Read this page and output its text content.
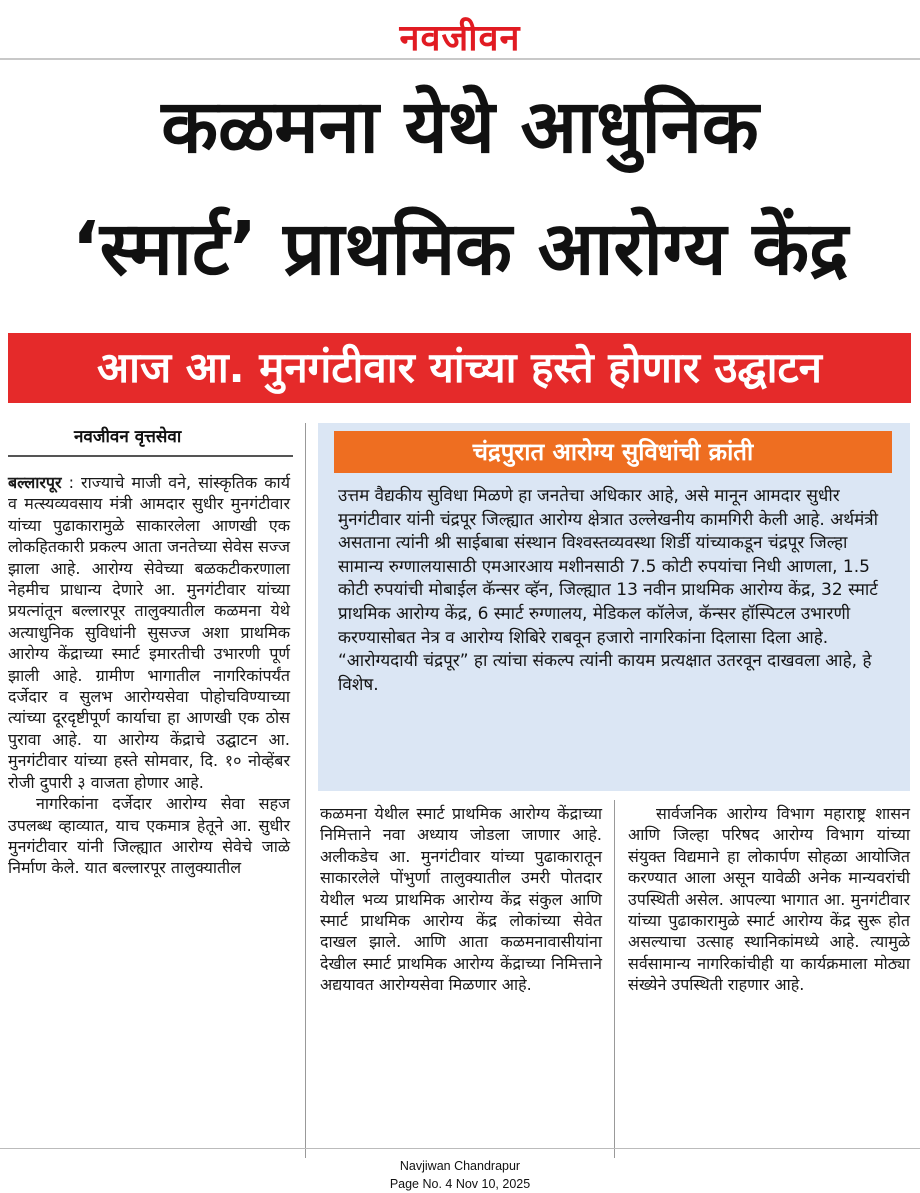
नवजीवन
कळमना येथे आधुनिक
‘स्मार्ट’ प्राथमिक आरोग्य केंद्र
आज आ. मुनगंटीवार यांच्या हस्ते होणार उद्घाटन
नवजीवन वृत्तसेवा

बल्लारपूर : राज्याचे माजी वने, सांस्कृतिक कार्य व मत्स्यव्यवसाय मंत्री आमदार सुधीर मुनगंटीवार यांच्या पुढाकारामुळे साकारलेला आणखी एक लोकहितकारी प्रकल्प आता जनतेच्या सेवेस सज्ज झाला आहे. आरोग्य सेवेच्या बळकटीकरणाला नेहमीच प्राधान्य देणारे आ. मुनगंटीवार यांच्या प्रयत्नांतून बल्लारपूर तालुक्यातील कळमना येथे अत्याधुनिक सुविधांनी सुसज्ज अशा प्राथमिक आरोग्य केंद्राच्या स्मार्ट इमारतीची उभारणी पूर्ण झाली आहे. ग्रामीण भागातील नागरिकांपर्यंत दर्जेदार व सुलभ आरोग्यसेवा पोहोचविण्याच्या त्यांच्या दूरदृष्टीपूर्ण कार्याचा हा आणखी एक ठोस पुरावा आहे. या आरोग्य केंद्राचे उद्घाटन आ. मुनगंटीवार यांच्या हस्ते सोमवार, दि. १० नोव्हेंबर रोजी दुपारी ३ वाजता होणार आहे.

नागरिकांना दर्जेदार आरोग्य सेवा सहज उपलब्ध व्हाव्यात, याच एकमात्र हेतूने आ. सुधीर मुनगंटीवार यांनी जिल्ह्यात आरोग्य सेवेचे जाळे निर्माण केले. यात बल्लारपूर तालुक्यातील

चंद्रपुरात आरोग्य सुविधांची क्रांती

उत्तम वैद्यकीय सुविधा मिळणे हा जनतेचा अधिकार आहे, असे मानून आमदार सुधीर मुनगंटीवार यांनी चंद्रपूर जिल्ह्यात आरोग्य क्षेत्रात उल्लेखनीय कामगिरी केली आहे. अर्थमंत्री असताना त्यांनी श्री साईबाबा संस्थान विश्वस्तव्यवस्था शिर्डी यांच्याकडून चंद्रपूर जिल्हा सामान्य रुग्णालयासाठी एमआरआय मशीनसाठी 7.5 कोटी रुपयांचा निधी आणला, 1.5 कोटी रुपयांची मोबाईल कॅन्सर व्हॅन, जिल्ह्यात 13 नवीन प्राथमिक आरोग्य केंद्र, 32 स्मार्ट प्राथमिक आरोग्य केंद्र, 6 स्मार्ट रुग्णालय, मेडिकल कॉलेज, कॅन्सर हॉस्पिटल उभारणी करण्यासोबत नेत्र व आरोग्य शिबिरे राबवून हजारो नागरिकांना दिलासा दिला आहे. “आरोग्यदायी चंद्रपूर” हा त्यांचा संकल्प त्यांनी कायम प्रत्यक्षात उतरवून दाखवला आहे, हे विशेष.

कळमना येथील स्मार्ट प्राथमिक आरोग्य केंद्राच्या निमित्ताने नवा अध्याय जोडला जाणार आहे. अलीकडेच आ. मुनगंटीवार यांच्या पुढाकारातून साकारलेले पोंभुर्णा तालुक्यातील उमरी पोतदार येथील भव्य प्राथमिक आरोग्य केंद्र संकुल आणि स्मार्ट प्राथमिक आरोग्य केंद्र लोकांच्या सेवेत दाखल झाले. आणि आता कळमनावासीयांना देखील स्मार्ट प्राथमिक आरोग्य केंद्राच्या निमित्ताने अद्ययावत आरोग्यसेवा मिळणार आहे.

सार्वजनिक आरोग्य विभाग महाराष्ट्र शासन आणि जिल्हा परिषद आरोग्य विभाग यांच्या संयुक्त विद्यमाने हा लोकार्पण सोहळा आयोजित करण्यात आला असून यावेळी अनेक मान्यवरांची उपस्थिती असेल. आपल्या भागात आ. मुनगंटीवार यांच्या पुढाकारामुळे स्मार्ट आरोग्य केंद्र सुरू होत असल्याचा उत्साह स्थानिकांमध्ये आहे. त्यामुळे सर्वसामान्य नागरिकांचीही या कार्यक्रमाला मोठ्या संख्येने उपस्थिती राहणार आहे.

Navjiwan Chandrapur
Page No. 4 Nov 10, 2025
